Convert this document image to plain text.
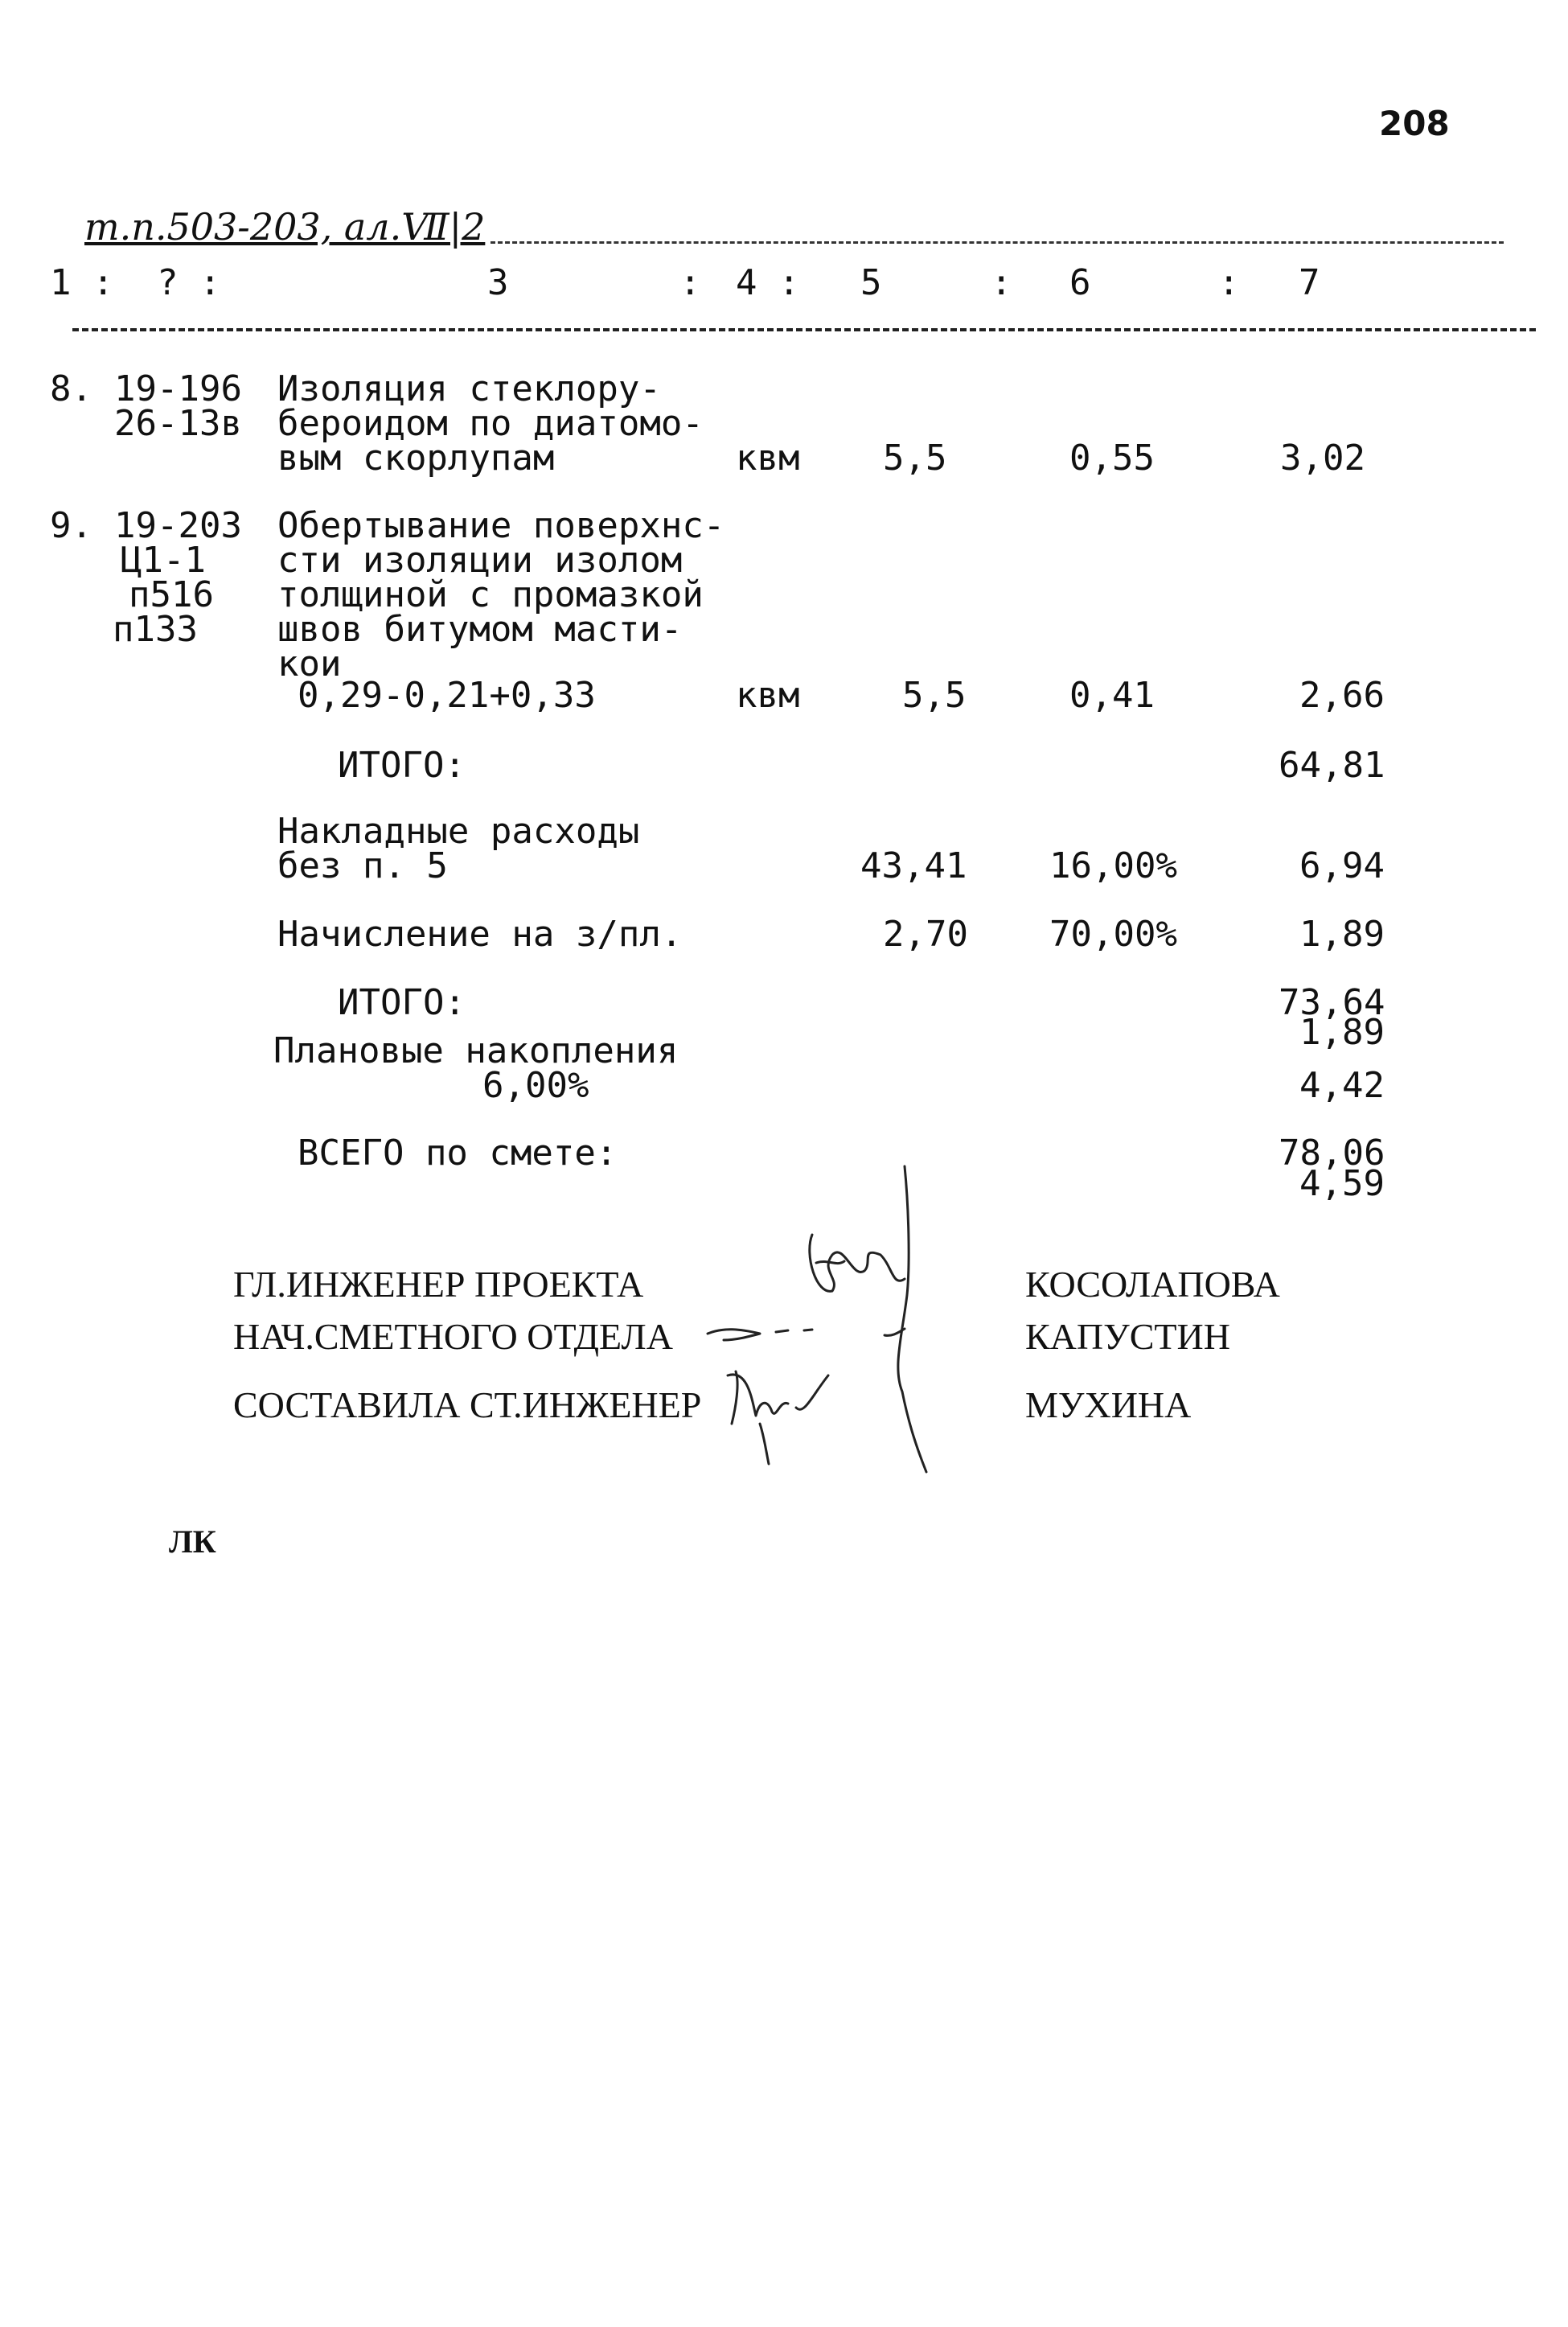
208
т.п.503-203, ал.Ⅶ|2
1 : ? :	3	: 4 : 5	: 6	: 7
8. 19-196
26-13в
Изоляция стеклору-
бероидом по диатомо-
вым скорлупам	квм 5,5	0,55	3,02
9. 19-203
Ц1-1
п516
п133
Обертывание поверхнс-
сти изоляции изолом
толщиной с промазкой
швов битумом масти-
кои
0,29-0,21+0,33	квм	5,5	0,41	2,66
ИТОГО:	64,81
Накладные расходы
без п. 5	43,41 16,00%	6,94
Начисление на з/пл.	2,70 70,00%	1,89
ИТОГО:	73,64
1,89
Плановые накопления
6,00%	4,42
ВСЕГО по смете:	78,06
4,59
ГЛ.ИНЖЕНЕР ПРОЕКТА	КОСОЛАПОВА
НАЧ.СМЕТНОГО ОТДЕЛА	КАПУСТИН
СОСТАВИЛА СТ.ИНЖЕНЕР	МУХИНА
ЛК
